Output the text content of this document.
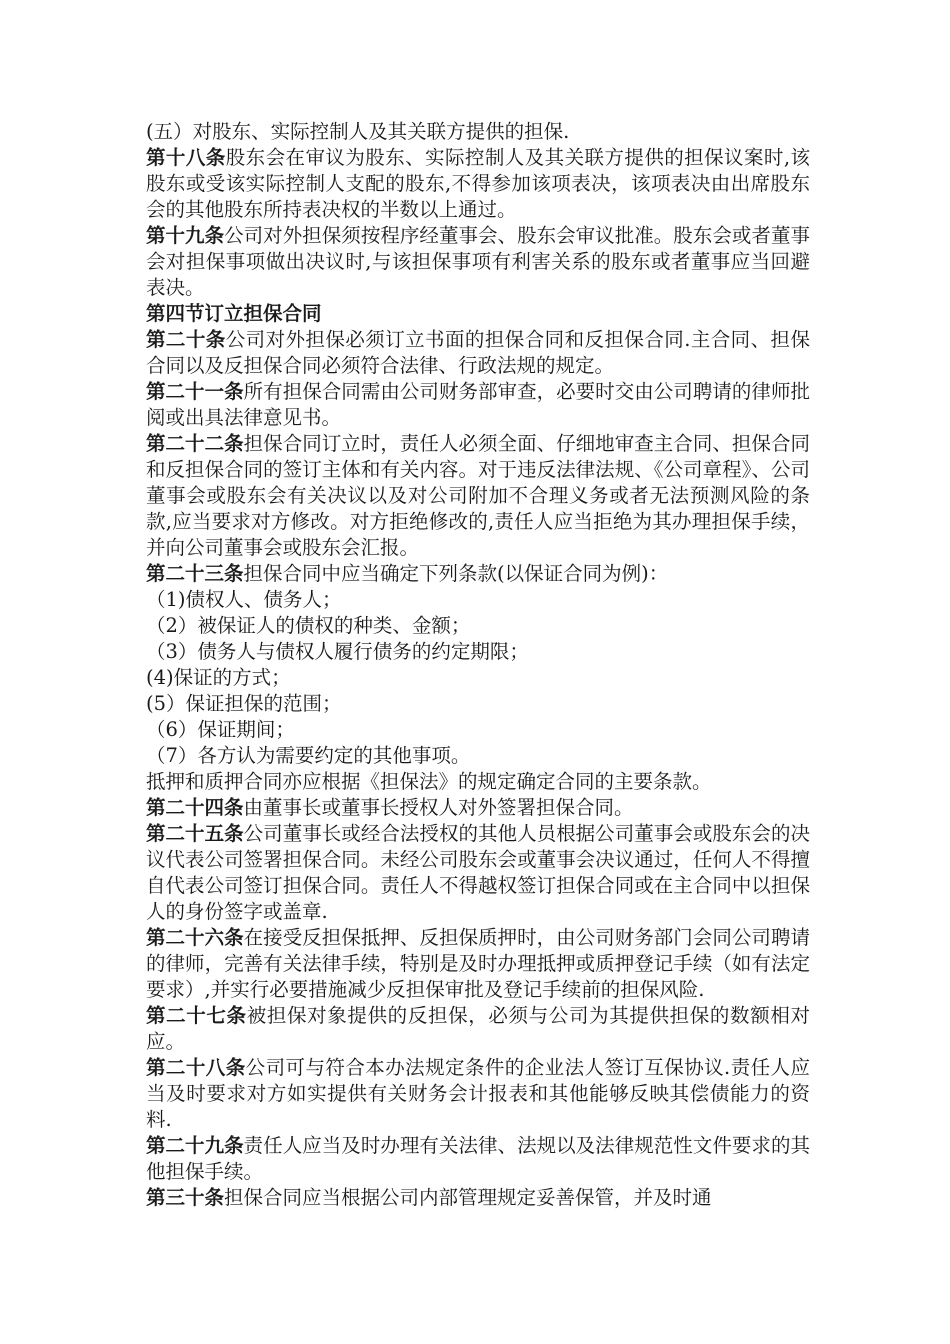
(五）对股东、实际控制人及其关联方提供的担保.

第十八条股东会在审议为股东、实际控制人及其关联方提供的担保议案时,该股东或受该实际控制人支配的股东,不得参加该项表决，该项表决由出席股东会的其他股东所持表决权的半数以上通过。

第十九条公司对外担保须按程序经董事会、股东会审议批准。股东会或者董事会对担保事项做出决议时,与该担保事项有利害关系的股东或者董事应当回避表决。

第四节订立担保合同

第二十条公司对外担保必须订立书面的担保合同和反担保合同.主合同、担保合同以及反担保合同必须符合法律、行政法规的规定。

第二十一条所有担保合同需由公司财务部审查，必要时交由公司聘请的律师批阅或出具法律意见书。

第二十二条担保合同订立时，责任人必须全面、仔细地审查主合同、担保合同和反担保合同的签订主体和有关内容。对于违反法律法规、《公司章程》、公司董事会或股东会有关决议以及对公司附加不合理义务或者无法预测风险的条款,应当要求对方修改。对方拒绝修改的,责任人应当拒绝为其办理担保手续，并向公司董事会或股东会汇报。

第二十三条担保合同中应当确定下列条款(以保证合同为例)：

（1)债权人、债务人；

（2）被保证人的债权的种类、金额；

（3）债务人与债权人履行债务的约定期限；

(4)保证的方式；

(5）保证担保的范围；

（6）保证期间；

（7）各方认为需要约定的其他事项。

抵押和质押合同亦应根据《担保法》的规定确定合同的主要条款。

第二十四条由董事长或董事长授权人对外签署担保合同。

第二十五条公司董事长或经合法授权的其他人员根据公司董事会或股东会的决议代表公司签署担保合同。未经公司股东会或董事会决议通过，任何人不得擅自代表公司签订担保合同。责任人不得越权签订担保合同或在主合同中以担保人的身份签字或盖章.

第二十六条在接受反担保抵押、反担保质押时，由公司财务部门会同公司聘请的律师，完善有关法律手续，特别是及时办理抵押或质押登记手续（如有法定要求）,并实行必要措施减少反担保审批及登记手续前的担保风险.

第二十七条被担保对象提供的反担保，必须与公司为其提供担保的数额相对应。

第二十八条公司可与符合本办法规定条件的企业法人签订互保协议.责任人应当及时要求对方如实提供有关财务会计报表和其他能够反映其偿债能力的资料.

第二十九条责任人应当及时办理有关法律、法规以及法律规范性文件要求的其他担保手续。

第三十条担保合同应当根据公司内部管理规定妥善保管，并及时通
